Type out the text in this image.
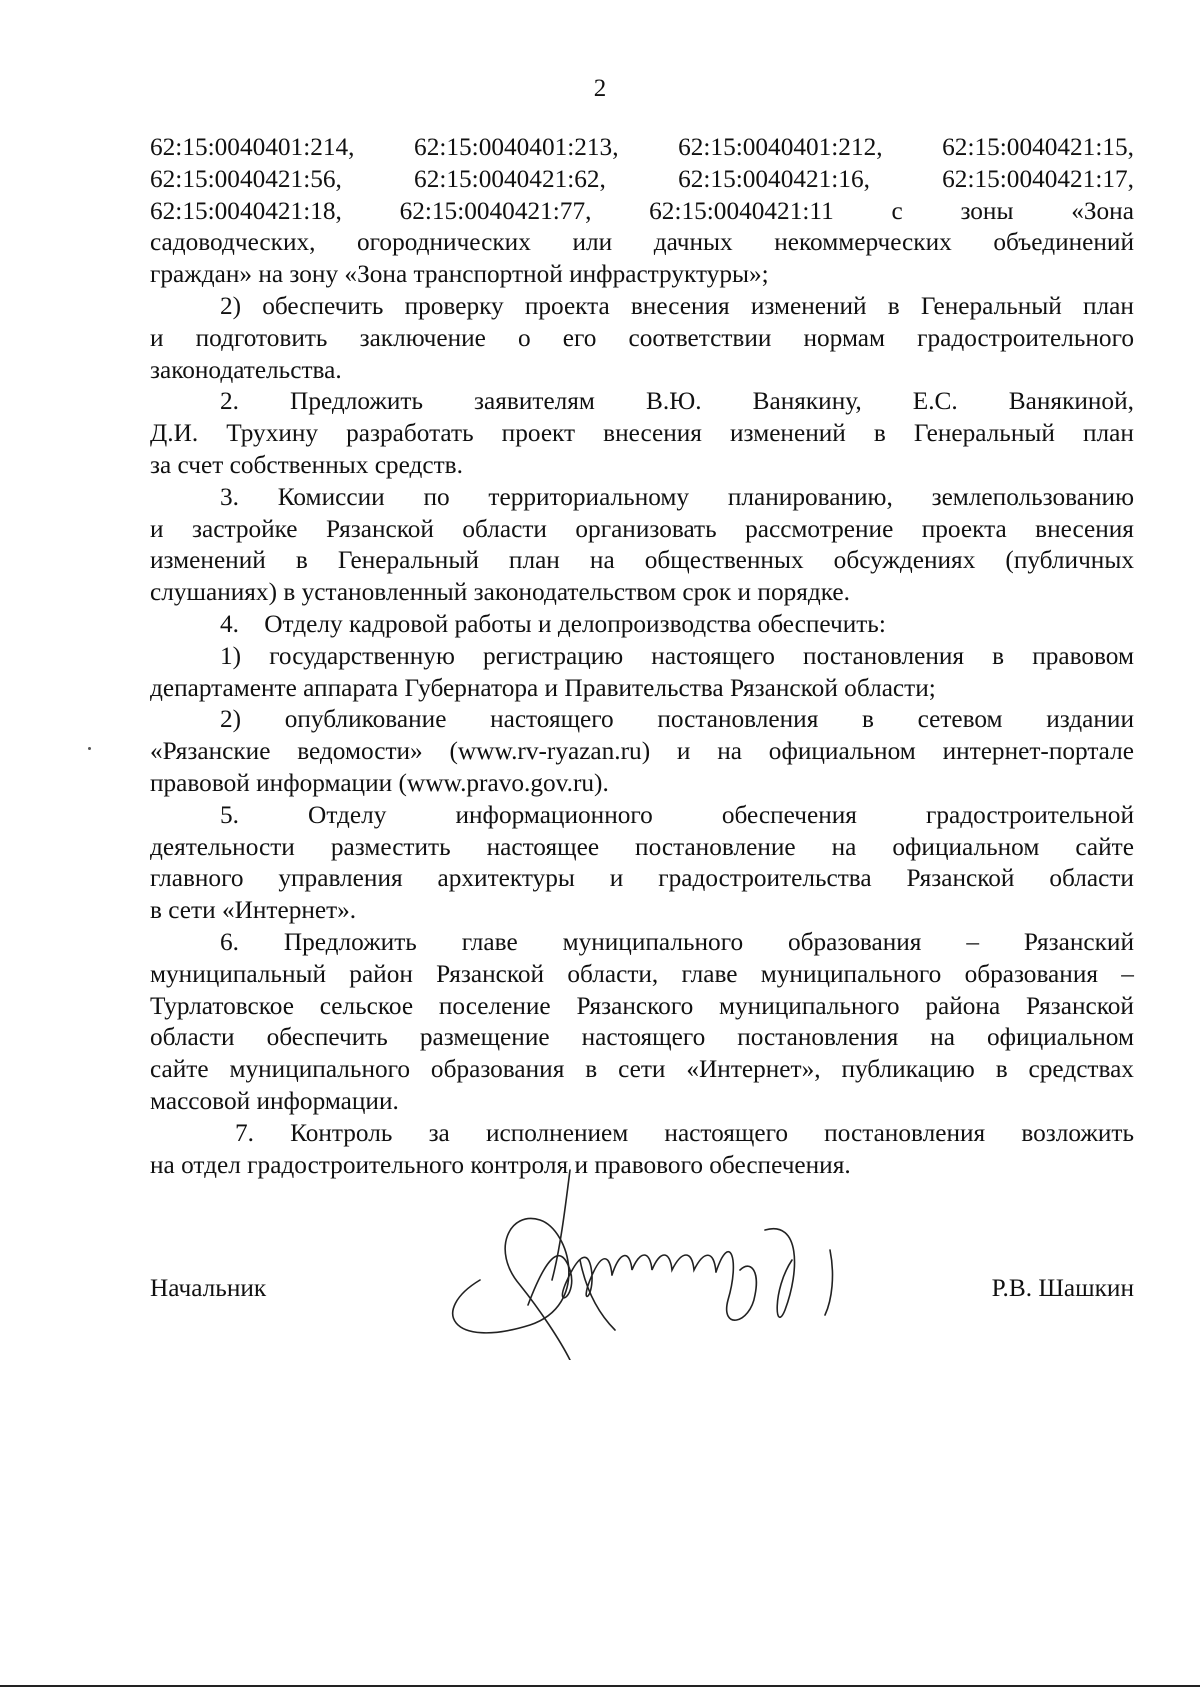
2
62:15:0040401:214, 62:15:0040401:213, 62:15:0040401:212, 62:15:0040421:15,
62:15:0040421:56,	62:15:0040421:62,	62:15:0040421:16,	62:15:0040421:17,
62:15:0040421:18, 62:15:0040421:77, 62:15:0040421:11 с зоны «Зона
садоводческих, огороднических или дачных некоммерческих объединений
граждан» на зону «Зона транспортной инфраструктуры»;
2) обеспечить проверку проекта внесения изменений в Генеральный план
и подготовить заключение о его соответствии нормам градостроительного
законодательства.
2. Предложить заявителям В.Ю. Ванякину, Е.С. Ванякиной,
Д.И. Трухину разработать проект внесения изменений в Генеральный план
за счет собственных средств.
3. Комиссии по территориальному планированию, землепользованию
и застройке Рязанской области организовать рассмотрение проекта внесения
изменений в Генеральный план на общественных обсуждениях (публичных
слушаниях) в установленный законодательством срок и порядке.
4.    Отделу кадровой работы и делопроизводства обеспечить:
1) государственную регистрацию настоящего постановления в правовом
департаменте аппарата Губернатора и Правительства Рязанской области;
2) опубликование настоящего постановления в сетевом издании
«Рязанские ведомости» (www.rv-ryazan.ru) и на официальном интернет-портале
правовой информации (www.pravo.gov.ru).
5.	Отделу	информационного	обеспечения	градостроительной
деятельности разместить настоящее постановление на официальном сайте
главного управления архитектуры и градостроительства Рязанской области
в сети «Интернет».
6. Предложить главе муниципального образования – Рязанский
муниципальный район Рязанской области, главе муниципального образования –
Турлатовское сельское поселение Рязанского муниципального района Рязанской
области обеспечить размещение настоящего постановления на официальном
сайте муниципального образования в сети «Интернет», публикацию в средствах
массовой информации.
7. Контроль за исполнением настоящего постановления возложить
на отдел градостроительного контроля и правового обеспечения.
Начальник	Р.В. Шашкин
